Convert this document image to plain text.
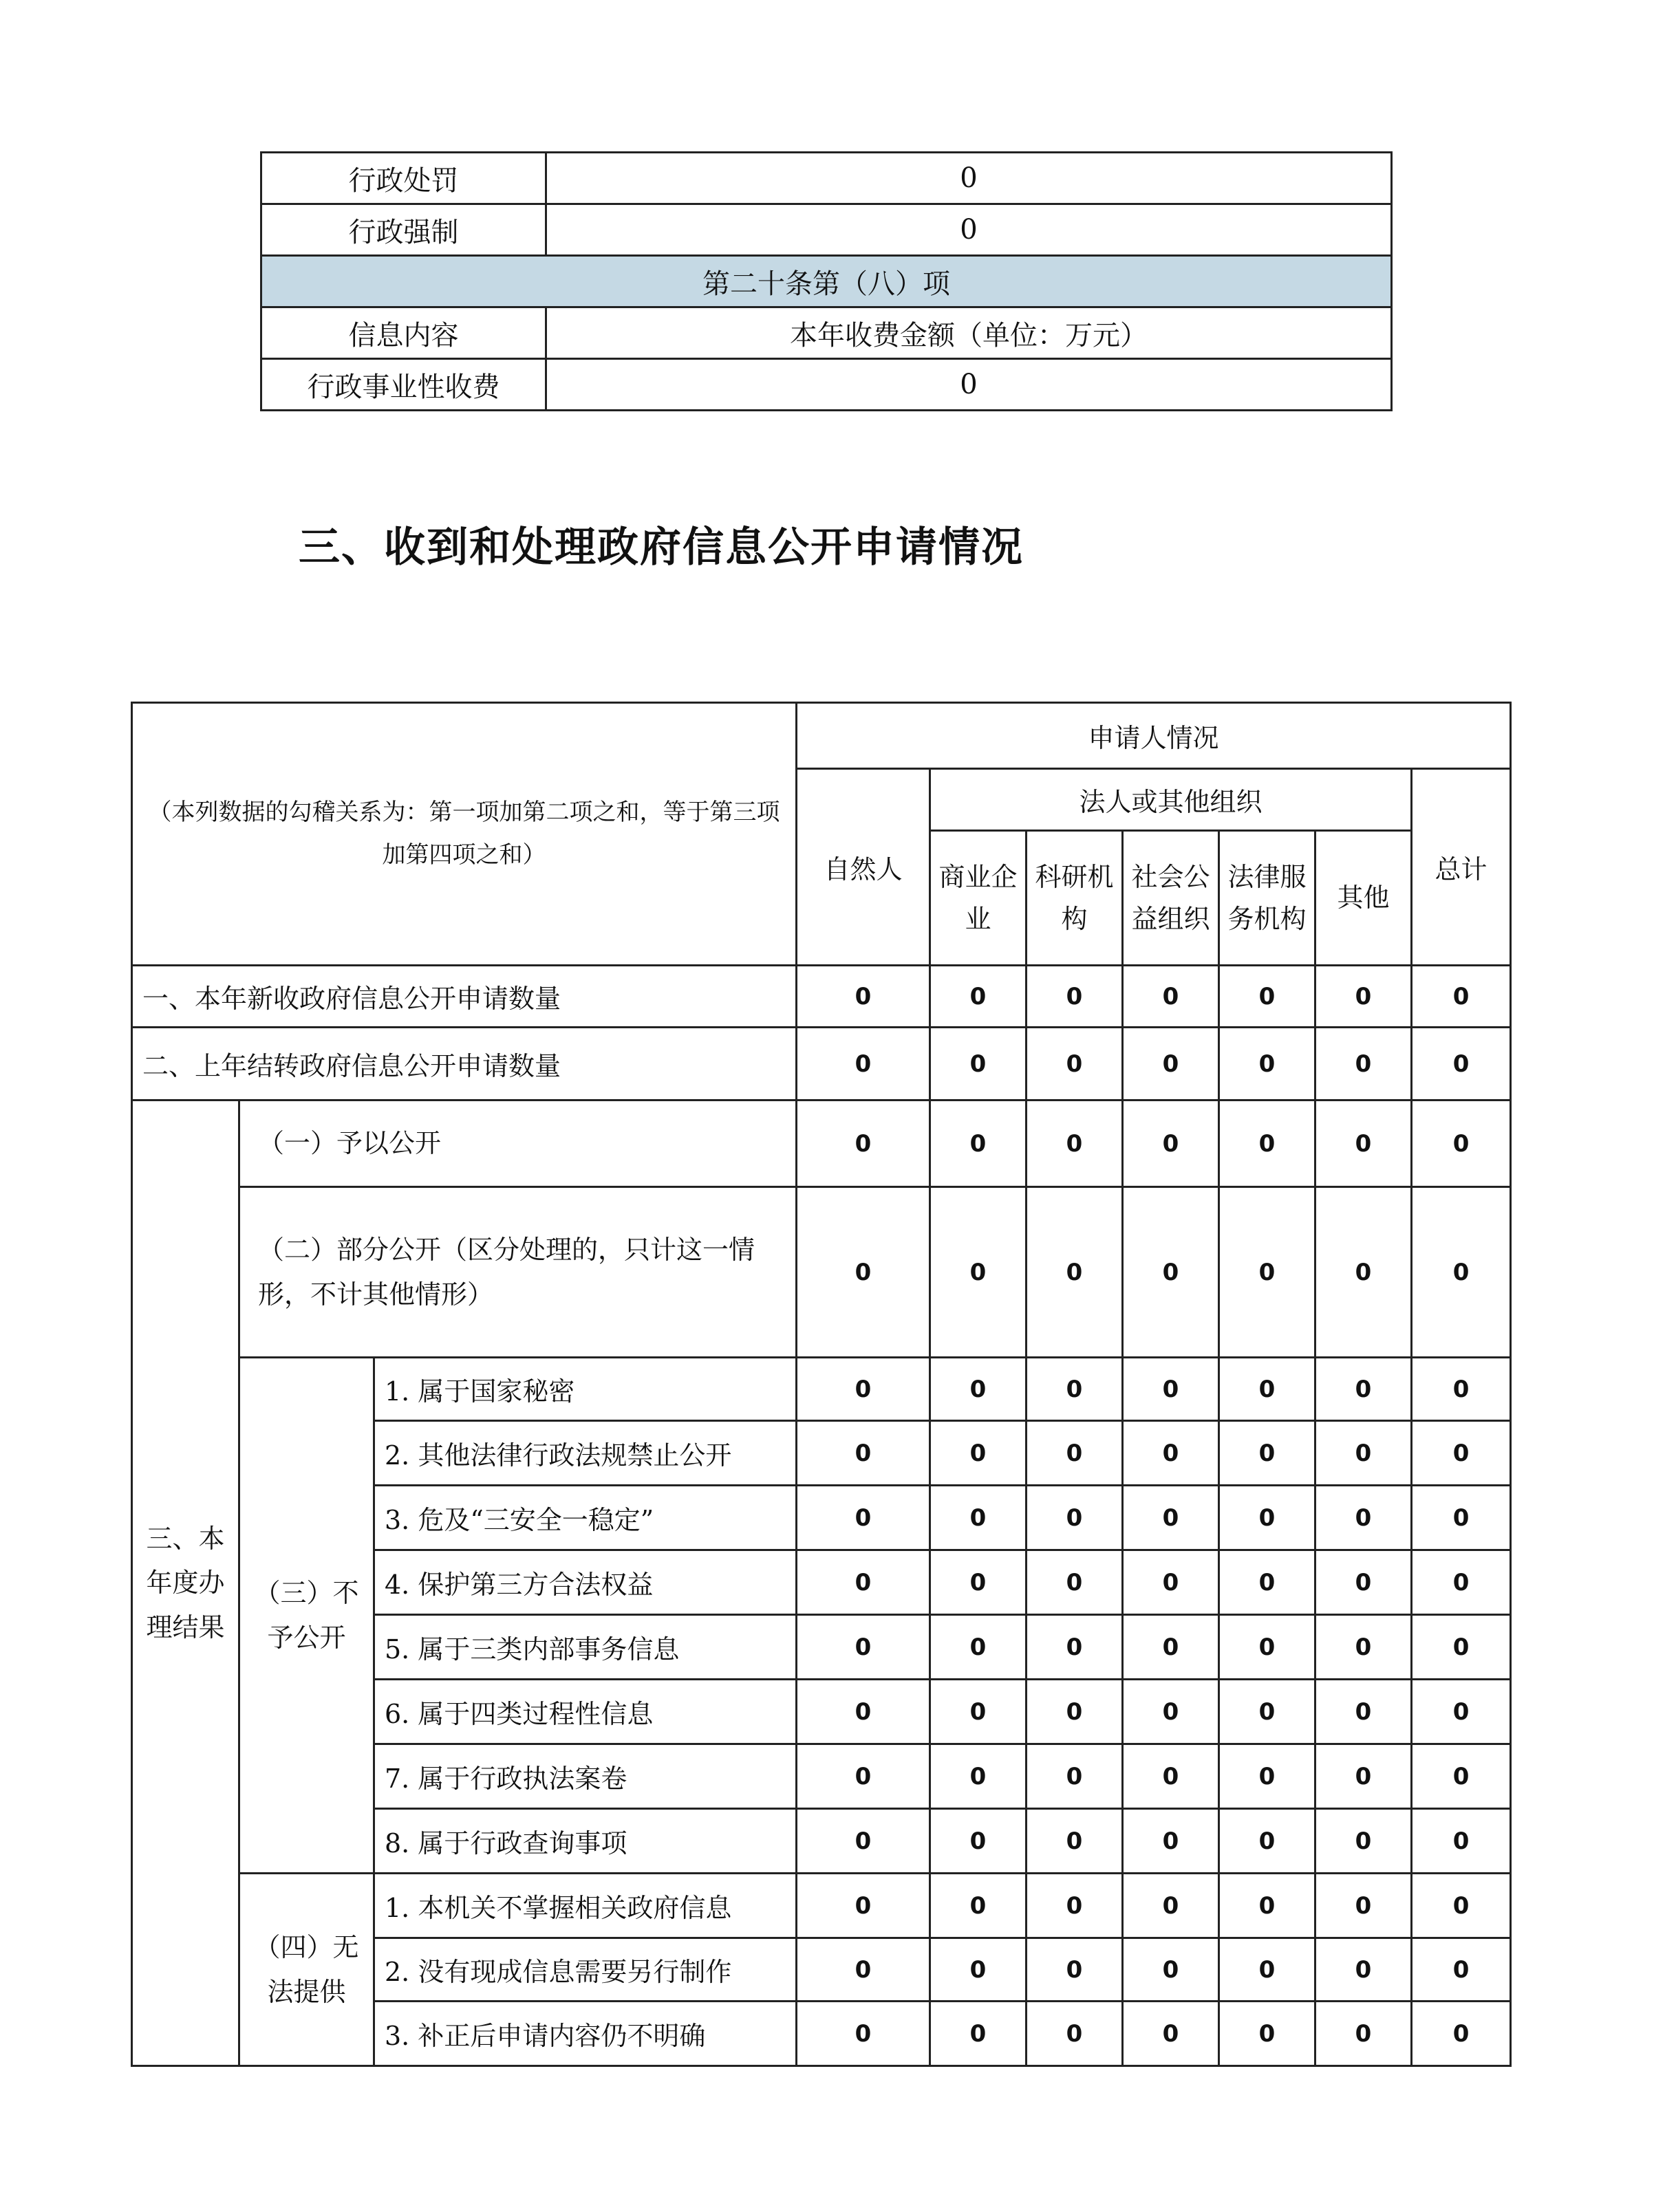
行政处罚	0
行政强制	0
第二十条第（八）项	
信息内容	本年收费金额（单位：万元）
行政事业性收费	0
三、收到和处理政府信息公开申请情况
（本列数据的勾稽关系为：第一项加第二项之和，等于第三项加第四项之和）			申请人情况						
			自然人	法人或其他组织					总计
				商业企业	科研机构	社会公益组织	法律服务机构	其他	
一、本年新收政府信息公开申请数量			0	0	0	0	0	0	0
二、上年结转政府信息公开申请数量			0	0	0	0	0	0	0
三、本年度办理结果	（一）予以公开		0	0	0	0	0	0	0
	（二）部分公开（区分处理的，只计这一情形，不计其他情形）		0	0	0	0	0	0	0
	（三）不予公开	1. 属于国家秘密	0	0	0	0	0	0	0
		2. 其他法律行政法规禁止公开	0	0	0	0	0	0	0
		3. 危及“三安全一稳定”	0	0	0	0	0	0	0
		4. 保护第三方合法权益	0	0	0	0	0	0	0
		5. 属于三类内部事务信息	0	0	0	0	0	0	0
		6. 属于四类过程性信息	0	0	0	0	0	0	0
		7. 属于行政执法案卷	0	0	0	0	0	0	0
		8. 属于行政查询事项	0	0	0	0	0	0	0
	（四）无法提供	1. 本机关不掌握相关政府信息	0	0	0	0	0	0	0
		2. 没有现成信息需要另行制作	0	0	0	0	0	0	0
		3. 补正后申请内容仍不明确	0	0	0	0	0	0	0
